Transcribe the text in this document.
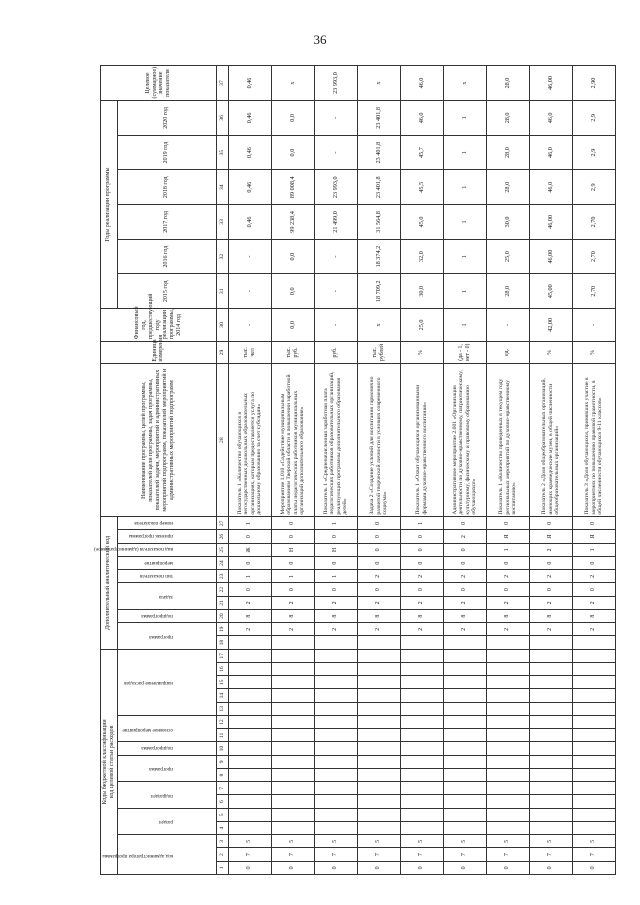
36
Коды бюджетной классификации код целевой статьи расходов																	Дополнительный аналитический код										Наименование программы, целей программы, показателей цели программы, задач программы, показателей задачи, мероприятий и административных мероприятий подпрограмм, показателей мероприятий и административных мероприятий подпрограмм	Единица измерения	Финансовый год, предшествующий году реализации программы, 2014 год	Годы реализации программы						Целевое (суммарное) значение показателя

код администратора программы			раздел		подраздел		программа		подпрограмма	основное мероприятие		направление расходов					программа		подпрограмма	задача		тип показателя	мероприятие	вид показателя (административное)	признак программы	номер показателя				2015 год	2016 год	2017 год	2018 год	2019 год	2020 год	
1	2	3	4	5	6	7	8	9	10	11	12	13	14	15	16	17	18	19	20	21	22	23	24	25	26	27	28	29	30	31	32	33	34	35	36	37
0	7	5																2	8	2	0	1	0	Ж	0	1	Показатель 1 «Количество обучающихся в негосударственных дошкольных образовательных организациях, которым предоставляется услуга по дошкольному образованию за счет субсидии»	тыс. чел	-	-	-	0,46	0,46	0,46	0,46	0,46
0	7	5																2	8	2	0	1	0	Н	0	0	Мероприятие 1.010 «Содействие муниципальным образованиям Тверской области в повышении заработной платы педагогических работников муниципальных организаций дополнительного образования»	тыс. руб.	0,0	0,0	0,0	99 238,4	89 008,4	0,0	0,0	х
0	7	5																2	8	2	0	1	0	Н	0	1	Показатель 1 «Средненачисленная заработная плата педагогических работников образовательных организаций, реализующих программы дополнительного образования детей»	руб.	-	-	-	21 499,0	23 993,0	-	-	23 993,0
0	7	5																2	8	2	0	2	0	0	0	0	Задача 2 «Создание условий для воспитания гармонично развитой творческой личности в условиях современного социума»	тыс. рублей	х	18 709,2	18 374,2	31 564,8	23 401,8	23 401,8	23 401,8	х
0	7	5																2	8	2	0	2	0	0	0	1	Показатель 1 «Охват обучающихся организованными формами духовно-нравственного воспитания»	%	25,0	30,0	32,0	45,0	45,5	45,7	46,0	46,0
0	7	5																2	8	2	0	2	0	0	2	0	Административное мероприятие 2.001 «Организация деятельности по духовно-нравственному, патриотическому, культурному, физическому и правовому образованию обучающихся»	(да - 1, нет - 0)	1	1	1	1	1	1	1	х
0	7	5																2	8	2	0	2	0	1	Я	0	Показатель 1 «Количество проведенных в текущем году региональных мероприятий по духовно-нравственному воспитанию»	ед.	-	28,0	25,0	30,0	28,0	28,0	28,0	28,0
0	7	5																2	8	2	0	2	0	2	Я	0	Показатель 2 «Доля общеобразовательных организаций, имеющих краеведческие музеи, в общей численности общеобразовательных организаций»	%	42,00	45,00	46,00	46,00	46,0	46,0	46,0	46,00
0	7	5																2	8	2	0	2	0	1	Я	0	Показатель 3 «Доля обучающихся, принявших участие в мероприятиях по повышению правовой грамотности, в общей численности обучающихся 9-11 классов»	%	-	2,70	2,70	2,70	2,9	2,9	2,9	2,90
